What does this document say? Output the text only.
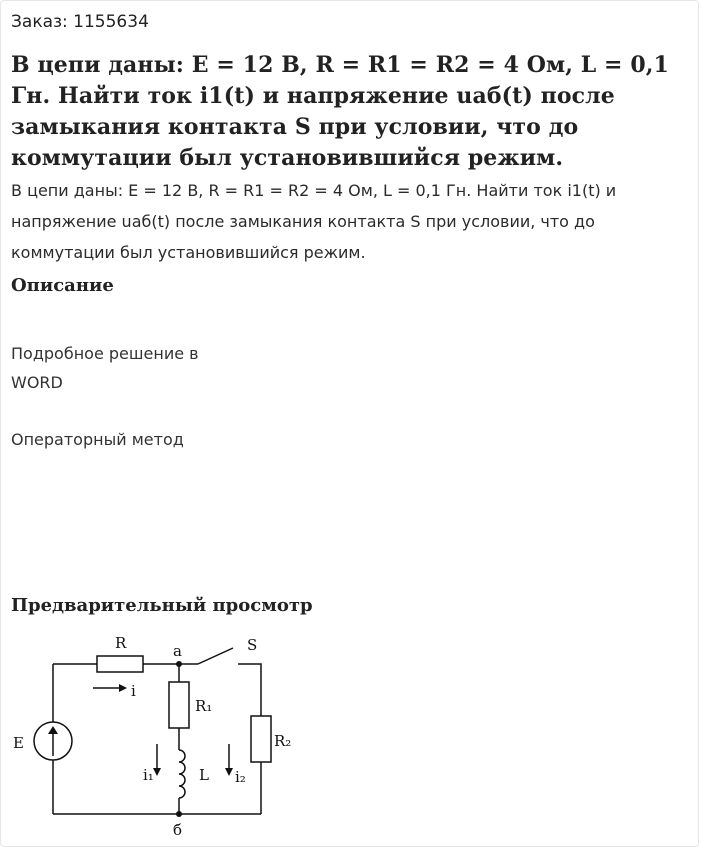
Заказ: 1155634
В цепи даны: E = 12 В, R = R1 = R2 = 4 Ом, L = 0,1 Гн. Найти ток i1(t) и напряжение uаб(t) после замыкания контакта S при условии, что до коммутации был установившийся режим.

В цепи даны: E = 12 В, R = R1 = R2 = 4 Ом, L = 0,1 Гн. Найти ток i1(t) и напряжение uаб(t) после замыкания контакта S при условии, что до коммутации был установившийся режим.

Описание

Подробное решение в
WORD

Операторный метод

Предварительный просмотр
R	a	S
i
R₁
E	R₂
i₁	L i₂
б
